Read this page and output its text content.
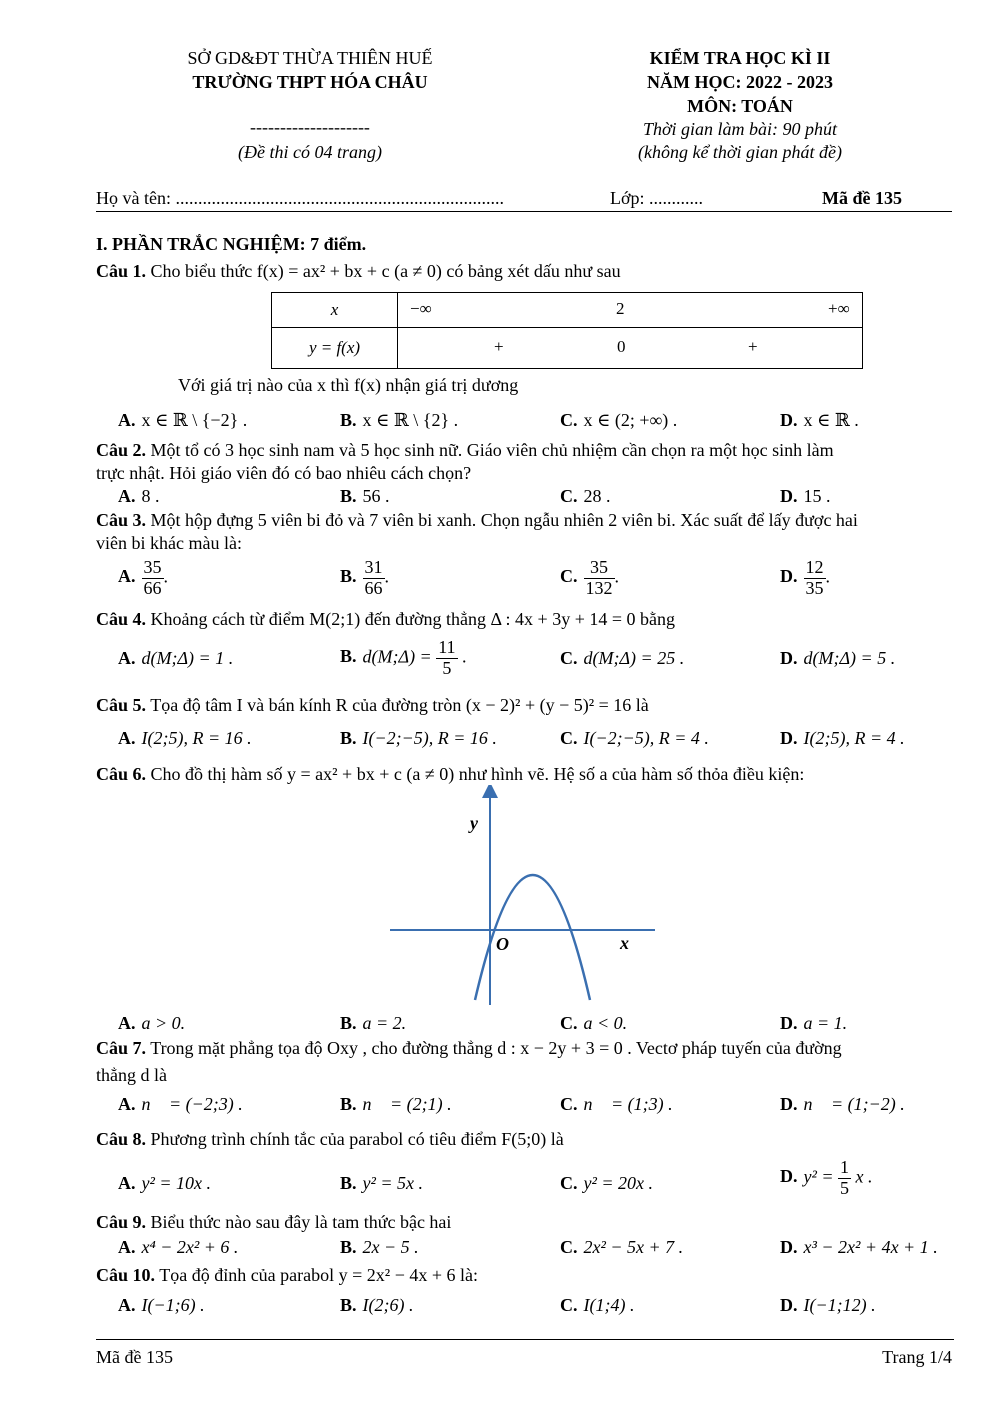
SỞ GD&ĐT THỪA THIÊN HUẾ
TRƯỜNG THPT HÓA CHÂU
--------------------
(Đề thi có 04 trang)
KIỂM TRA HỌC KÌ II
NĂM HỌC: 2022 - 2023
MÔN: TOÁN
Thời gian làm bài: 90 phút
(không kể thời gian phát đề)
Họ và tên: .........................................................................	Lớp: ............	Mã đề 135
I. PHẦN TRẮC NGHIỆM: 7 điểm.
Câu 1. Cho biểu thức f(x) = ax² + bx + c (a ≠ 0) có bảng xét dấu như sau
x	−∞ 2 +∞

y = f(x)	+ 0 +
Với giá trị nào của x thì f(x) nhận giá trị dương
A. x ∈ ℝ \ {−2} .	B. x ∈ ℝ \ {2} .	C. x ∈ (2; +∞) .	D. x ∈ ℝ .
Câu 2. Một tổ có 3 học sinh nam và 5 học sinh nữ. Giáo viên chủ nhiệm cần chọn ra một học sinh làm
trực nhật. Hỏi giáo viên đó có bao nhiêu cách chọn?
A. 8 .	B. 56 .	C. 28 .	D. 15 .
Câu 3. Một hộp đựng 5 viên bi đỏ và 7 viên bi xanh. Chọn ngẫu nhiên 2 viên bi. Xác suất để lấy được hai
viên bi khác màu là:
A. $\frac{35}{66}$ .	B. $\frac{31}{66}$ .	C. $\frac{35}{132}$ .	D. $\frac{12}{35}$ .
Câu 4. Khoảng cách từ điểm M(2;1) đến đường thẳng Δ : 4x + 3y + 14 = 0 bằng
A. d(M;Δ) = 1 .	B. d(M;Δ) = $\frac{11}{5}$ .	C. d(M;Δ) = 25 .	D. d(M;Δ) = 5 .
Câu 5. Tọa độ tâm I và bán kính R của đường tròn (x − 2)² + (y − 5)² = 16 là
A. I(2;5), R = 16 .	B. I(−2;−5), R = 16 .	C. I(−2;−5), R = 4 .	D. I(2;5), R = 4 .
Câu 6. Cho đồ thị hàm số y = ax² + bx + c (a ≠ 0) như hình vẽ. Hệ số a của hàm số thỏa điều kiện:
y
x
O
A. a > 0.	B. a = 2.	C. a < 0.	D. a = 1.
Câu 7. Trong mặt phẳng tọa độ Oxy , cho đường thẳng d : x − 2y + 3 = 0 . Vectơ pháp tuyến của đường
thẳng d là
A. n⃗ = (−2;3) .	B. n⃗ = (2;1) .	C. n⃗ = (1;3) .	D. n⃗ = (1;−2) .
Câu 8. Phương trình chính tắc của parabol có tiêu điểm F(5;0) là
A. y² = 10x .	B. y² = 5x .	C. y² = 20x .	D. $y^2 = \frac{1}{5}$ x .
Câu 9. Biểu thức nào sau đây là tam thức bậc hai
A. x⁴ − 2x² + 6 .	B. 2x − 5 .	C. 2x² − 5x + 7 .	D. x³ − 2x² + 4x + 1 .
Câu 10. Tọa độ đỉnh của parabol y = 2x² − 4x + 6 là:
A. I(−1;6) .	B. I(2;6) .	C. I(1;4) .	D. I(−1;12) .
Mã đề 135	Trang 1/4
